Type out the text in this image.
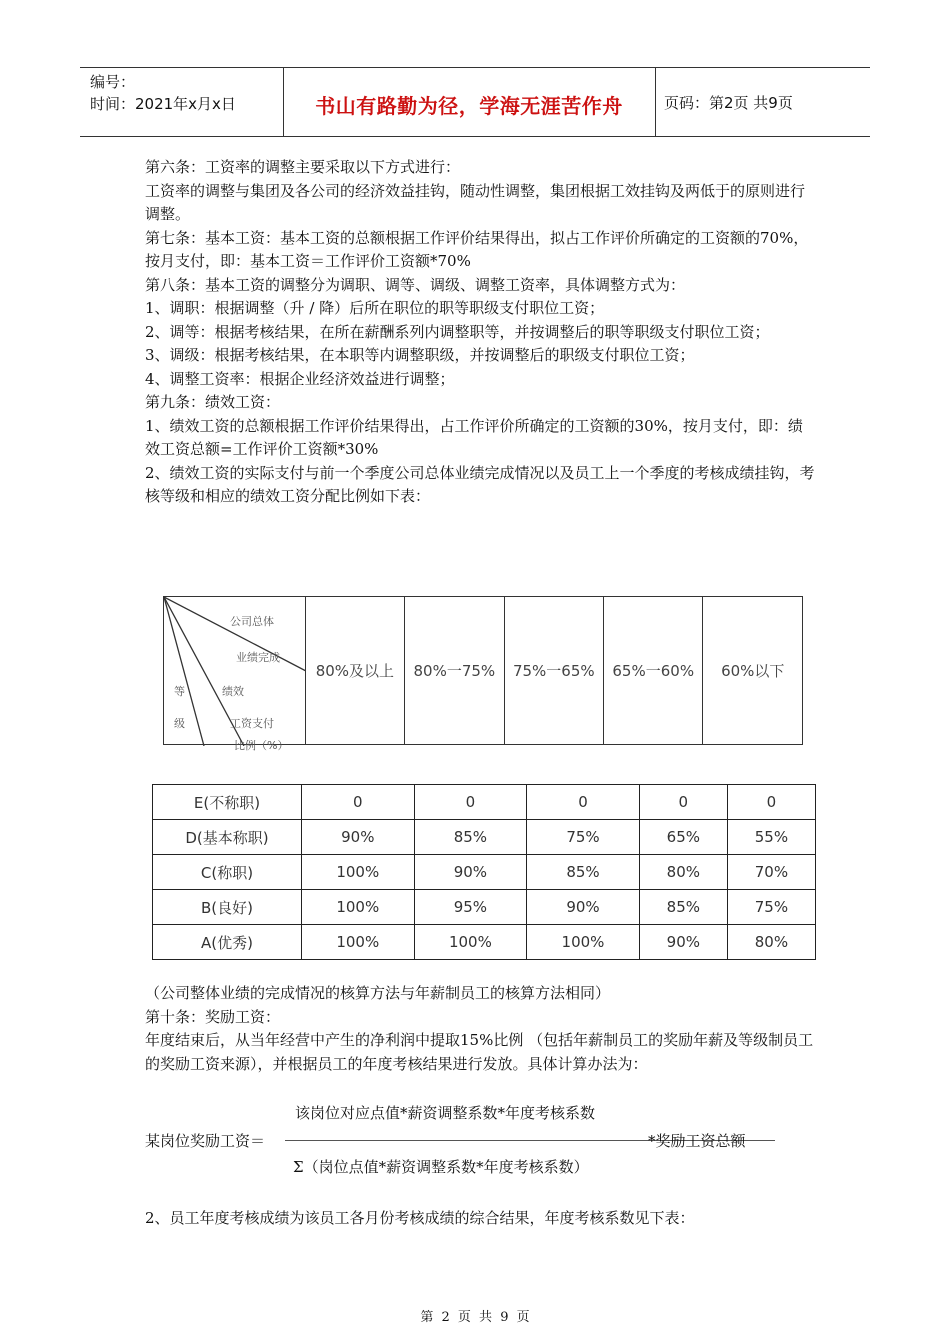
编号：
时间：2021年x月x日	书山有路勤为径，学海无涯苦作舟	页码：第2页 共9页

第六条：工资率的调整主要采取以下方式进行：

工资率的调整与集团及各公司的经济效益挂钩，随动性调整，集团根据工效挂钩及两低于的原则进行调整。

第七条：基本工资：基本工资的总额根据工作评价结果得出，拟占工作评价所确定的工资额的70%，按月支付，即：基本工资＝工作评价工资额*70%

第八条：基本工资的调整分为调职、调等、调级、调整工资率，具体调整方式为：

1、调职：根据调整（升 / 降）后所在职位的职等职级支付职位工资；

2、调等：根据考核结果，在所在薪酬系列内调整职等，并按调整后的职等职级支付职位工资；

3、调级：根据考核结果，在本职等内调整职级，并按调整后的职级支付职位工资；

4、调整工资率：根据企业经济效益进行调整；

第九条：绩效工资：

1、绩效工资的总额根据工作评价结果得出，占工作评价所确定的工资额的30%，按月支付，即：绩效工资总额=工作评价工资额*30%

2、绩效工资的实际支付与前一个季度公司总体业绩完成情况以及员工上一个季度的考核成绩挂钩，考核等级和相应的绩效工资分配比例如下表：

公司总体
业绩完成
绩效
工资支付
比例（%）
等
级
	80%及以上	80%一75%	75%一65%	65%一60%	60%以下
E(不称职)	0	0	0	0	0
D(基本称职)	90%	85%	75%	65%	55%
C(称职)	100%	90%	85%	80%	70%
B(良好)	100%	95%	90%	85%	75%
A(优秀)	100%	100%	100%	90%	80%

（公司整体业绩的完成情况的核算方法与年薪制员工的核算方法相同）

第十条：奖励工资：

年度结束后，从当年经营中产生的净利润中提取15%比例 （包括年薪制员工的奖励年薪及等级制员工的奖励工资来源），并根据员工的年度考核结果进行发放。具体计算办法为：

某岗位奖励工资＝
该岗位对应点值*薪资调整系数*年度考核系数
Σ（岗位点值*薪资调整系数*年度考核系数）
*奖励工资总额
2、员工年度考核成绩为该员工各月份考核成绩的综合结果，年度考核系数见下表：
第 2 页 共 9 页
